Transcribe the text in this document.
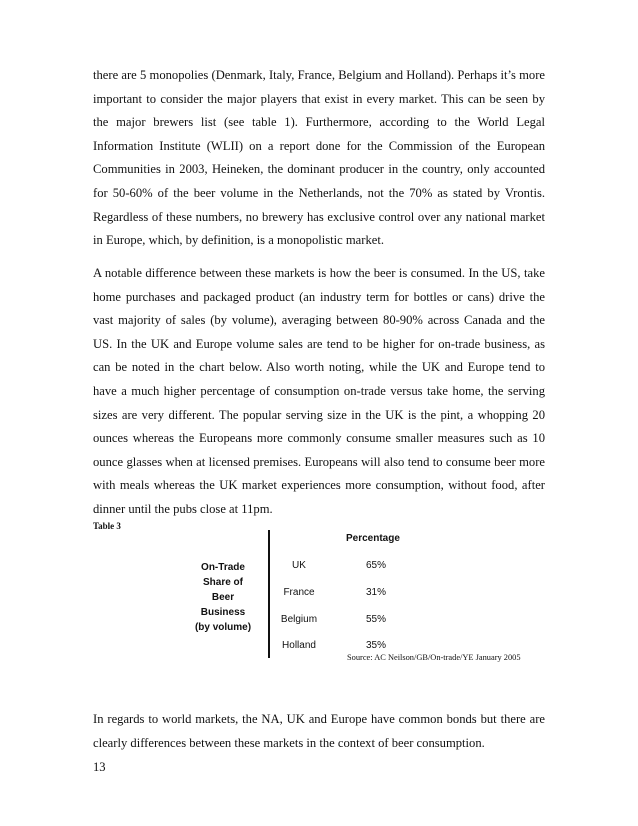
there are 5 monopolies (Denmark, Italy, France, Belgium and Holland). Perhaps it’s more important to consider the major players that exist in every market. This can be seen by the major brewers list (see table 1). Furthermore, according to the World Legal Information Institute (WLII) on a report done for the Commission of the European Communities in 2003, Heineken, the dominant producer in the country, only accounted for 50-60% of the beer volume in the Netherlands, not the 70% as stated by Vrontis. Regardless of these numbers, no brewery has exclusive control over any national market in Europe, which, by definition, is a monopolistic market.

A notable difference between these markets is how the beer is consumed. In the US, take home purchases and packaged product (an industry term for bottles or cans) drive the vast majority of sales (by volume), averaging between 80-90% across Canada and the US. In the UK and Europe volume sales are tend to be higher for on-trade business, as can be noted in the chart below. Also worth noting, while the UK and Europe tend to have a much higher percentage of consumption on-trade versus take home, the serving sizes are very different. The popular serving size in the UK is the pint, a whopping 20 ounces whereas the Europeans more commonly consume smaller measures such as 10 ounce glasses when at licensed premises. Europeans will also tend to consume beer more with meals whereas the UK market experiences more consumption, without food, after dinner until the pubs close at 11pm.

Table 3
Percentage
On-Trade
Share of
Beer
Business
(by volume)
UK	65%
France	31%
Belgium	55%
Holland	35%
Source: AC Neilson/GB/On-trade/YE January 2005

In regards to world markets, the NA, UK and Europe have common bonds but there are clearly differences between these markets in the context of beer consumption.

13
